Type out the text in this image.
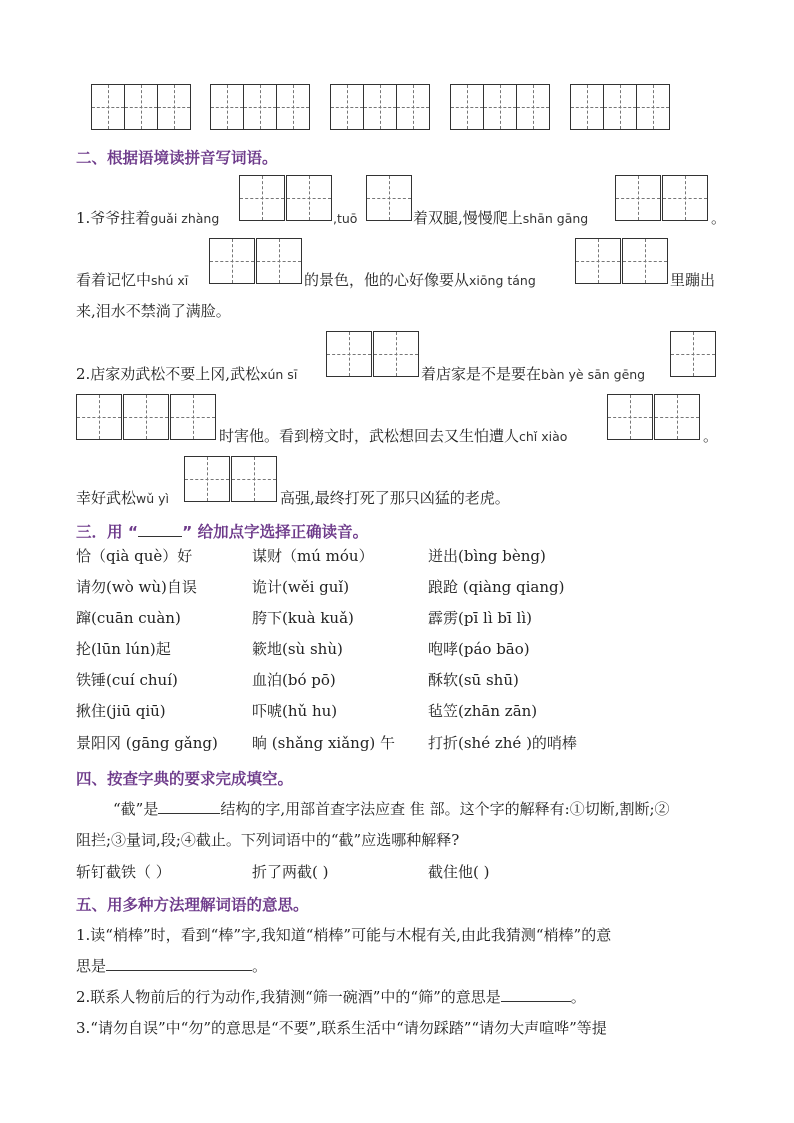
二、根据语境读拼音写词语。
1.爷爷拄着guǎi zhàng	,tuō	着双腿,慢慢爬上shān gāng	。
看着记忆中shú xī	的景色，他的心好像要从xiōng táng	里蹦出
来,泪水不禁淌了满脸。
2.店家劝武松不要上冈,武松xún sī	着店家是不是要在bàn yè sān gēng
时害他。看到榜文时，武松想回去又生怕遭人chǐ xiào	。
幸好武松wǔ yì	高强,最终打死了那只凶猛的老虎。
三．用 “	” 给加点字选择正确读音。
恰（qià què）好	谋财（mú móu）	迸出(bìng bèng)
请勿(wò wù)自误	诡计(wěi guǐ)	踉跄 (qiàng qiang)
蹿(cuān cuàn)	胯下(kuà kuǎ)	霹雳(pī lì bī lì)
抡(lūn lún)起	簌地(sù shù)	咆哮(páo bāo)
铁锤(cuí chuí)	血泊(bó pō)	酥软(sū shū)
揪住(jiū qiū)	吓唬(hǔ hu)	毡笠(zhān zān)
景阳冈 (gāng gǎng) 晌 (shǎng xiǎng) 午 打折(shé zhé )的哨棒
四、按查字典的要求完成填空。
“截”是	结构的字,用部首查字法应查 隹 部。这个字的解释有:①切断,割断;②
阻拦;③量词,段;④截止。下列词语中的“截”应选哪种解释?
斩钉截铁（ ）	折了两截( )	截住他( )
五、用多种方法理解词语的意思。
1.读“梢棒”时，看到“棒”字,我知道“梢棒”可能与木棍有关,由此我猜测“梢棒”的意
思是	。
2.联系人物前后的行为动作,我猜测“筛一碗酒”中的“筛”的意思是	。
3.“请勿自误”中“勿”的意思是“不要”,联系生活中“请勿踩踏”“请勿大声喧哗”等提
